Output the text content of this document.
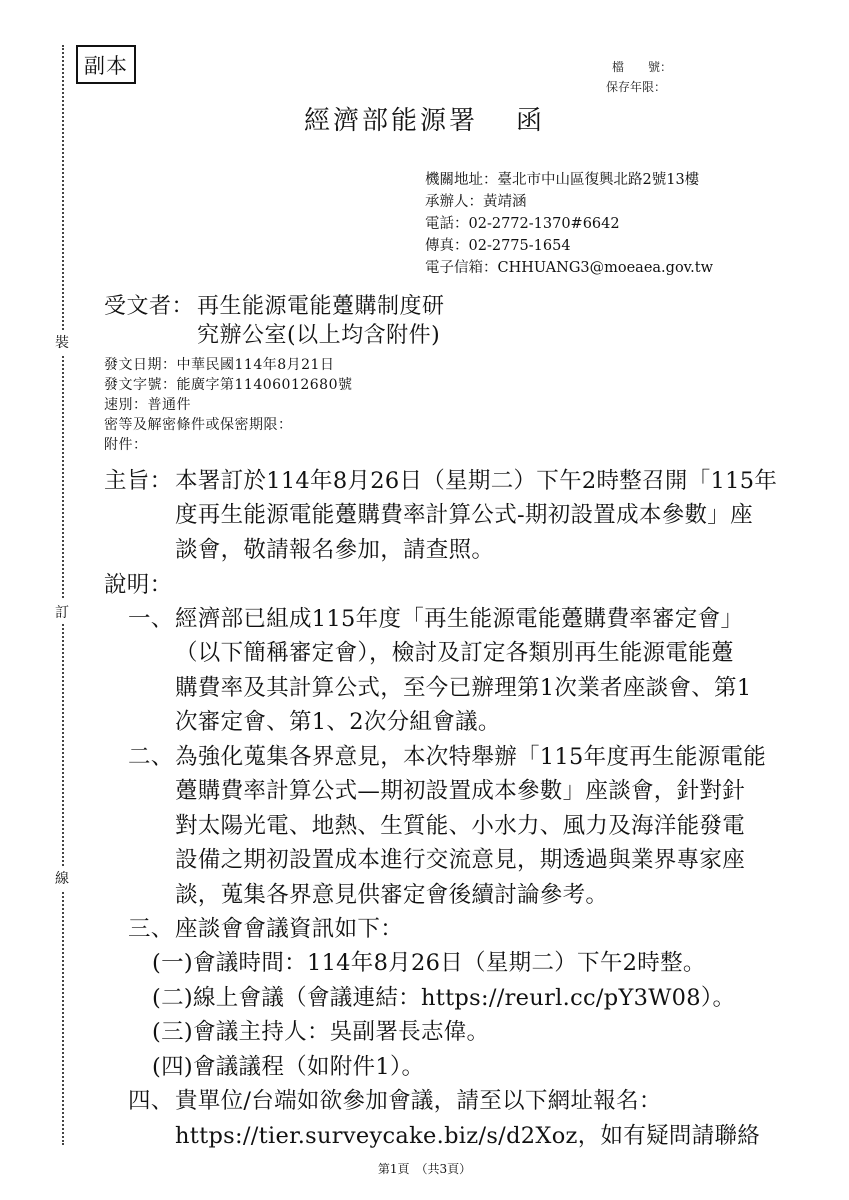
裝
訂
線
副本	檔　　號：
保存年限：
經濟部能源署 函
機關地址：臺北市中山區復興北路2號13樓
承辦人：黃靖涵
電話：02-2772-1370#6642
傳真：02-2775-1654
電子信箱：CHHUANG3@moeaea.gov.tw
受文者： 再生能源電能躉購制度研
究辦公室(以上均含附件)
發文日期：中華民國114年8月21日
發文字號：能廣字第11406012680號
速別：普通件
密等及解密條件或保密期限：
附件：
主旨： 本署訂於114年8月26日（星期二）下午2時整召開「115年
度再生能源電能躉購費率計算公式-期初設置成本參數」座
談會，敬請報名參加，請查照。
說明：
一、 經濟部已組成115年度「再生能源電能躉購費率審定會」
（以下簡稱審定會），檢討及訂定各類別再生能源電能躉
購費率及其計算公式，至今已辦理第1次業者座談會、第1
次審定會、第1、2次分組會議。
二、 為強化蒐集各界意見，本次特舉辦「115年度再生能源電能
躉購費率計算公式—期初設置成本參數」座談會，針對針
對太陽光電、地熱、生質能、小水力、風力及海洋能發電
設備之期初設置成本進行交流意見，期透過與業界專家座
談，蒐集各界意見供審定會後續討論參考。
三、 座談會會議資訊如下：
(一)會議時間：114年8月26日（星期二）下午2時整。
(二)線上會議（會議連結：https://reurl.cc/pY3W08）。
(三)會議主持人：吳副署長志偉。
(四)會議議程（如附件1）。
四、 貴單位/台端如欲參加會議，請至以下網址報名：
https://tier.surveycake.biz/s/d2Xoz，如有疑問請聯絡
第1頁　（共3頁）
